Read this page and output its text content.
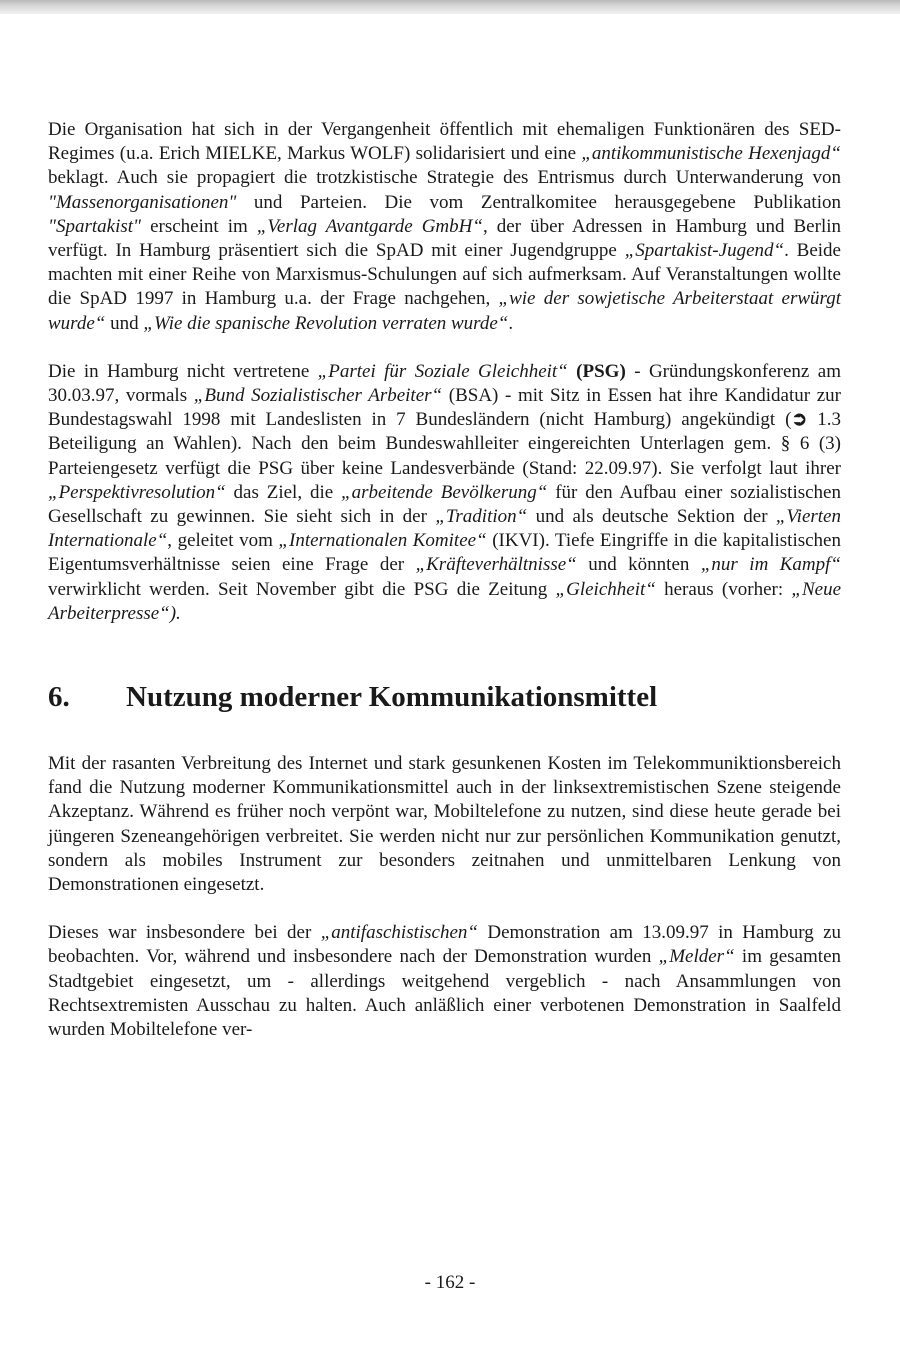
Die Organisation hat sich in der Vergangenheit öffentlich mit ehemaligen Funktionären des SED-Regimes (u.a. Erich MIELKE, Markus WOLF) solidarisiert und eine „antikommunistische Hexenjagd“ beklagt. Auch sie propagiert die trotzkistische Strategie des Entrismus durch Unterwanderung von "Massenorganisationen" und Parteien. Die vom Zentralkomitee herausgegebene Publikation "Spartakist" erscheint im „Verlag Avantgarde GmbH“, der über Adressen in Hamburg und Berlin verfügt. In Hamburg präsentiert sich die SpAD mit einer Jugendgruppe „Spartakist-Jugend“. Beide machten mit einer Reihe von Marxismus-Schulungen auf sich aufmerksam. Auf Veranstaltungen wollte die SpAD 1997 in Hamburg u.a. der Frage nachgehen, „wie der sowjetische Arbeiterstaat erwürgt wurde“ und „Wie die spanische Revolution verraten wurde“.

Die in Hamburg nicht vertretene „Partei für Soziale Gleichheit“ (PSG) - Gründungskonferenz am 30.03.97, vormals „Bund Sozialistischer Arbeiter“ (BSA) - mit Sitz in Essen hat ihre Kandidatur zur Bundestagswahl 1998 mit Landeslisten in 7 Bundesländern (nicht Hamburg) angekündigt (➲ 1.3 Beteiligung an Wahlen). Nach den beim Bundeswahlleiter eingereichten Unterlagen gem. § 6 (3) Parteiengesetz verfügt die PSG über keine Landesverbände (Stand: 22.09.97). Sie verfolgt laut ihrer „Perspektivresolution“ das Ziel, die „arbeitende Bevölkerung“ für den Aufbau einer sozialistischen Gesellschaft zu gewinnen. Sie sieht sich in der „Tradition“ und als deutsche Sektion der „Vierten Internationale“, geleitet vom „Internationalen Komitee“ (IKVI). Tiefe Eingriffe in die kapitalistischen Eigentumsverhältnisse seien eine Frage der „Kräfteverhältnisse“ und könnten „nur im Kampf“ verwirklicht werden. Seit November gibt die PSG die Zeitung „Gleichheit“ heraus (vorher: „Neue Arbeiterpresse“).

6.	Nutzung moderner Kommunikationsmittel

Mit der rasanten Verbreitung des Internet und stark gesunkenen Kosten im Telekommuniktionsbereich fand die Nutzung moderner Kommunikationsmittel auch in der linksextremistischen Szene steigende Akzeptanz. Während es früher noch verpönt war, Mobiltelefone zu nutzen, sind diese heute gerade bei jüngeren Szeneangehörigen verbreitet. Sie werden nicht nur zur persönlichen Kommunikation genutzt, sondern als mobiles Instrument zur besonders zeitnahen und unmittelbaren Lenkung von Demonstrationen eingesetzt.

Dieses war insbesondere bei der „antifaschistischen“ Demonstration am 13.09.97 in Hamburg zu beobachten. Vor, während und insbesondere nach der Demonstration wurden „Melder“ im gesamten Stadtgebiet eingesetzt, um - allerdings weitgehend vergeblich - nach Ansammlungen von Rechtsextremisten Ausschau zu halten. Auch anläßlich einer verbotenen Demonstration in Saalfeld wurden Mobiltelefone ver-

- 162 -
